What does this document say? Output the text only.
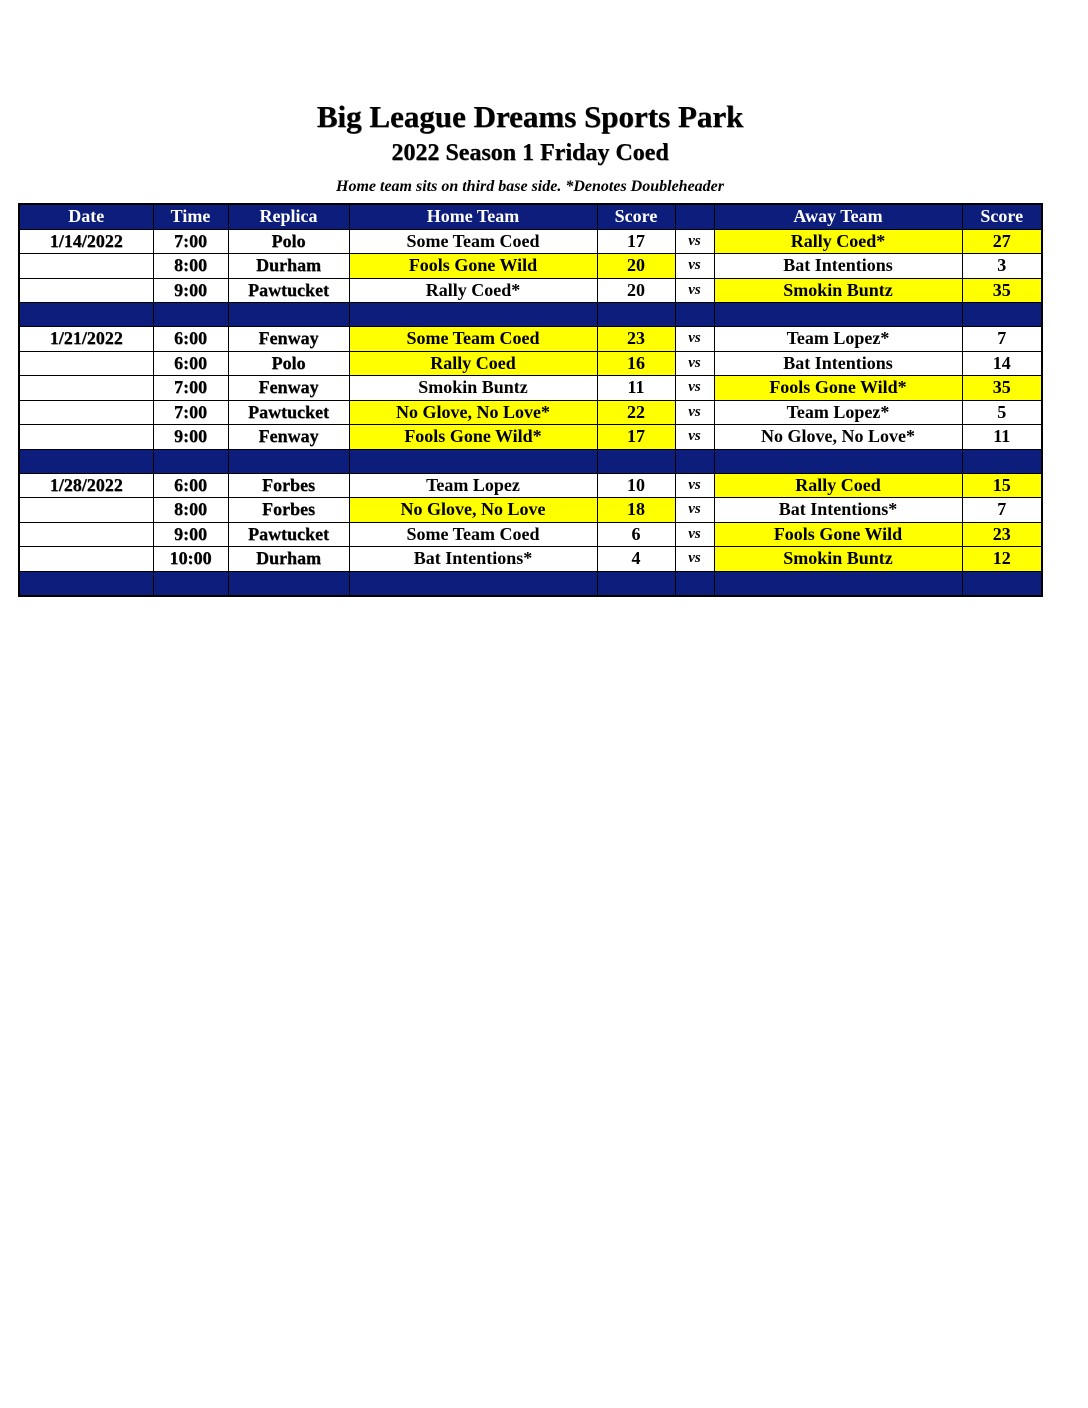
Big League Dreams Sports Park
2022 Season 1 Friday Coed
Home team sits on third base side. *Denotes Doubleheader
Date	Time	Replica	Home Team	Score		Away Team	Score
1/14/2022	7:00	Polo	Some Team Coed	17	vs	Rally Coed*	27
	8:00	Durham	Fools Gone Wild	20	vs	Bat Intentions	3
	9:00	Pawtucket	Rally Coed*	20	vs	Smokin Buntz	35

1/21/2022	6:00	Fenway	Some Team Coed	23	vs	Team Lopez*	7
	6:00	Polo	Rally Coed	16	vs	Bat Intentions	14
	7:00	Fenway	Smokin Buntz	11	vs	Fools Gone Wild*	35
	7:00	Pawtucket	No Glove, No Love*	22	vs	Team Lopez*	5
	9:00	Fenway	Fools Gone Wild*	17	vs	No Glove, No Love*	11

1/28/2022	6:00	Forbes	Team Lopez	10	vs	Rally Coed	15
	8:00	Forbes	No Glove, No Love	18	vs	Bat Intentions*	7
	9:00	Pawtucket	Some Team Coed	6	vs	Fools Gone Wild	23
	10:00	Durham	Bat Intentions*	4	vs	Smokin Buntz	12
